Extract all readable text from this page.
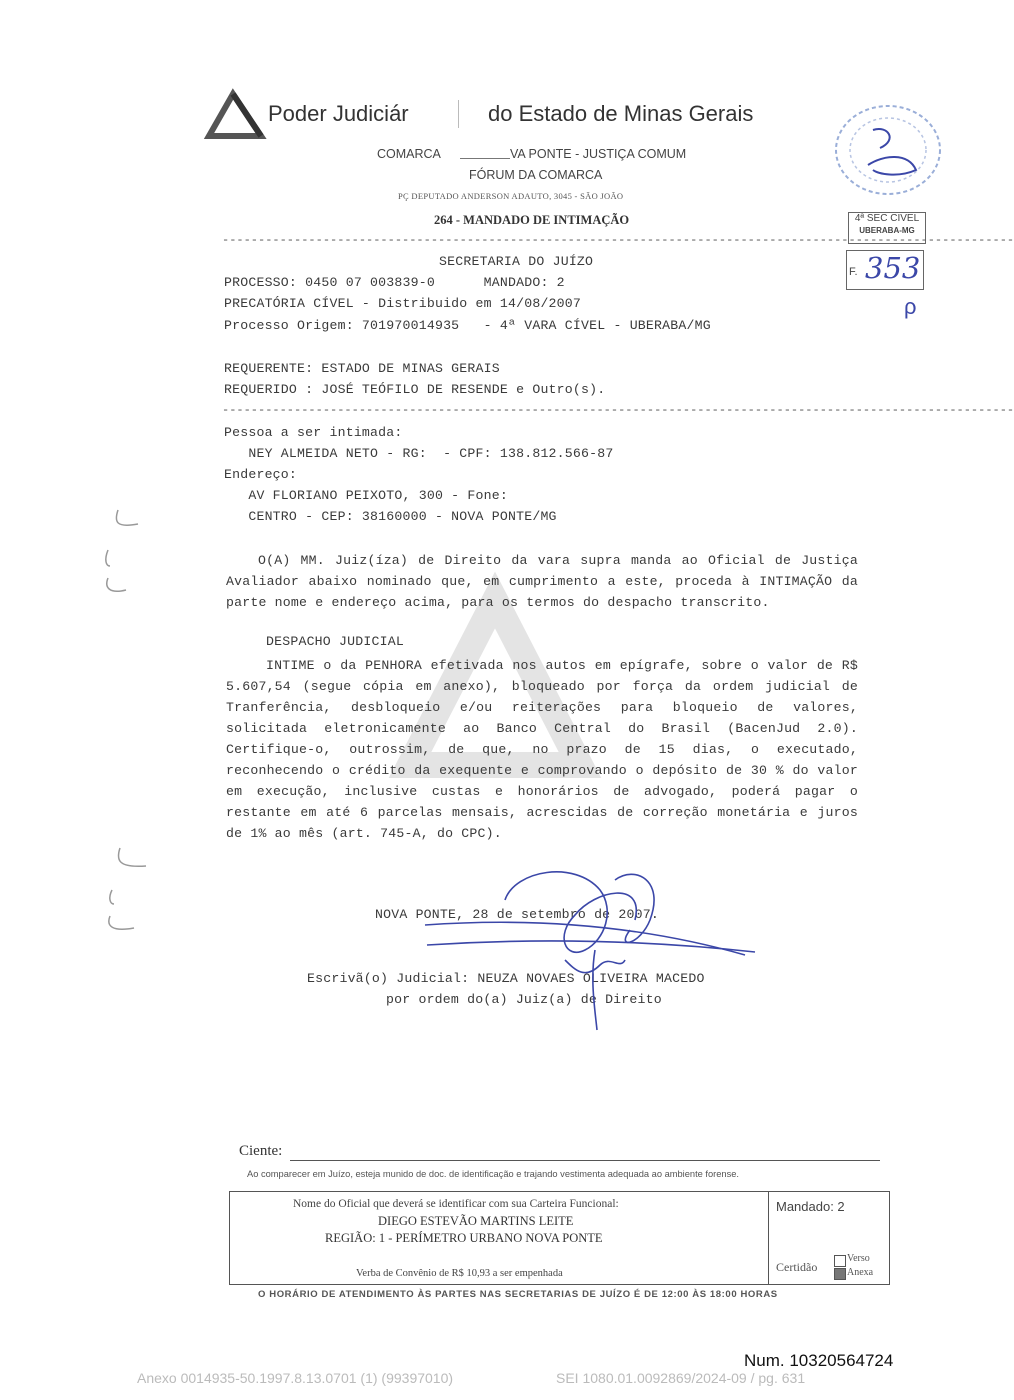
Poder Judiciár	do Estado de Minas Gerais
COMARCA	VA PONTE - JUSTIÇA COMUM
FÓRUM DA COMARCA
PÇ DEPUTADO ANDERSON ADAUTO, 3045 - SÃO JOÃO
264 - MANDADO DE INTIMAÇÃO	4ª SEC CIVEL
UBERABA-MG
F. 353
ρ
--------------------------------------------------------------------------------------------------------------
SECRETARIA DO JUÍZO
PROCESSO: 0450 07 003839-0      MANDADO: 2
PRECATÓRIA CÍVEL - Distribuido em 14/08/2007
Processo Origem: 701970014935   - 4ª VARA CÍVEL - UBERABA/MG
REQUERENTE: ESTADO DE MINAS GERAIS
REQUERIDO : JOSÉ TEÓFILO DE RESENDE e Outro(s).
--------------------------------------------------------------------------------------------------------------
Pessoa a ser intimada:
NEY ALMEIDA NETO - RG:  - CPF: 138.812.566-87
Endereço:
AV FLORIANO PEIXOTO, 300 - Fone:
CENTRO - CEP: 38160000 - NOVA PONTE/MG
O(A) MM. Juiz(íza) de Direito da vara supra manda ao Oficial de Justiça Avaliador abaixo nominado que, em cumprimento a este, proceda à INTIMAÇÃO da parte nome e endereço acima, para os termos do despacho transcrito.
DESPACHO JUDICIAL
INTIME o da PENHORA efetivada nos autos em epígrafe, sobre o valor de R$ 5.607,54 (segue cópia em anexo), bloqueado por força da ordem judicial de Tranferência, desbloqueio e/ou reiterações para bloqueio de valores, solicitada eletronicamente ao Banco Central do Brasil (BacenJud 2.0). Certifique-o, outrossim, de que, no prazo de 15 dias, o executado, reconhecendo o crédito da exequente e comprovando o depósito de 30 % do valor em execução, inclusive custas e honorários de advogado, poderá pagar o restante em até 6 parcelas mensais, acrescidas de correção monetária e juros de 1% ao mês (art. 745-A, do CPC).
NOVA PONTE, 28 de setembro de 2007.
Escrivã(o) Judicial: NEUZA NOVAES OLIVEIRA MACEDO
por ordem do(a) Juiz(a) de Direito
Ciente:
Ao comparecer em Juízo, esteja munido de doc. de identificação e trajando vestimenta adequada ao ambiente forense.
Nome do Oficial que deverá se identificar com sua Carteira Funcional:
DIEGO ESTEVÃO MARTINS LEITE
REGIÃO: 1 - PERÍMETRO URBANO NOVA PONTE
Verba de Convênio de R$ 10,93 a ser empenhada
Mandado: 2
Certidão
Verso
Anexa
O HORÁRIO DE ATENDIMENTO ÀS PARTES NAS SECRETARIAS DE JUÍZO É DE 12:00 ÀS 18:00 HORAS
Num. 10320564724
Anexo 0014935-50.1997.8.13.0701 (1) (99397010)	SEI 1080.01.0092869/2024-09 / pg. 631
